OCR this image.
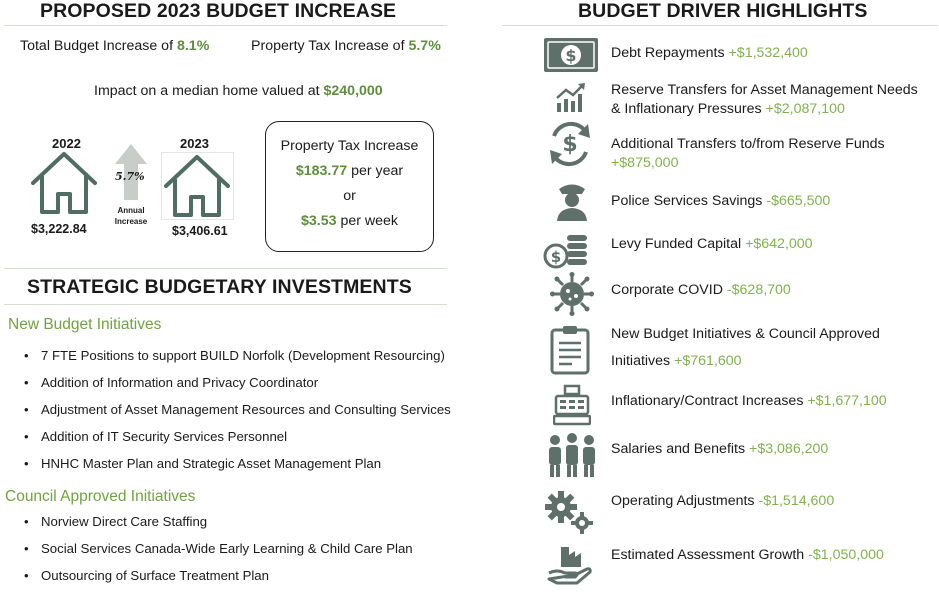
PROPOSED 2023 BUDGET INCREASE
Total Budget Increase of 8.1%	Property Tax Increase of 5.7%
Impact on a median home valued at $240,000
2022
$3,222.84
5.7%
Annual
Increase
2023
$3,406.61
Property Tax Increase
$183.77 per year
or
$3.53 per week
STRATEGIC BUDGETARY INVESTMENTS
New Budget Initiatives
• 7 FTE Positions to support BUILD Norfolk (Development Resourcing)
• Addition of Information and Privacy Coordinator
• Adjustment of Asset Management Resources and Consulting Services
• Addition of IT Security Services Personnel
• HNHC Master Plan and Strategic Asset Management Plan
Council Approved Initiatives
• Norview Direct Care Staffing
• Social Services Canada-Wide Early Learning & Child Care Plan
• Outsourcing of Surface Treatment Plan
BUDGET DRIVER HIGHLIGHTS
$
$
$
Debt Repayments +$1,532,400
Reserve Transfers for Asset Management Needs
& Inflationary Pressures +$2,087,100
Additional Transfers to/from Reserve Funds
+$875,000
Police Services Savings -$665,500
Levy Funded Capital +$642,000
Corporate COVID -$628,700
New Budget Initiatives & Council Approved
Initiatives +$761,600
Inflationary/Contract Increases +$1,677,100
Salaries and Benefits +$3,086,200
Operating Adjustments -$1,514,600
Estimated Assessment Growth -$1,050,000
